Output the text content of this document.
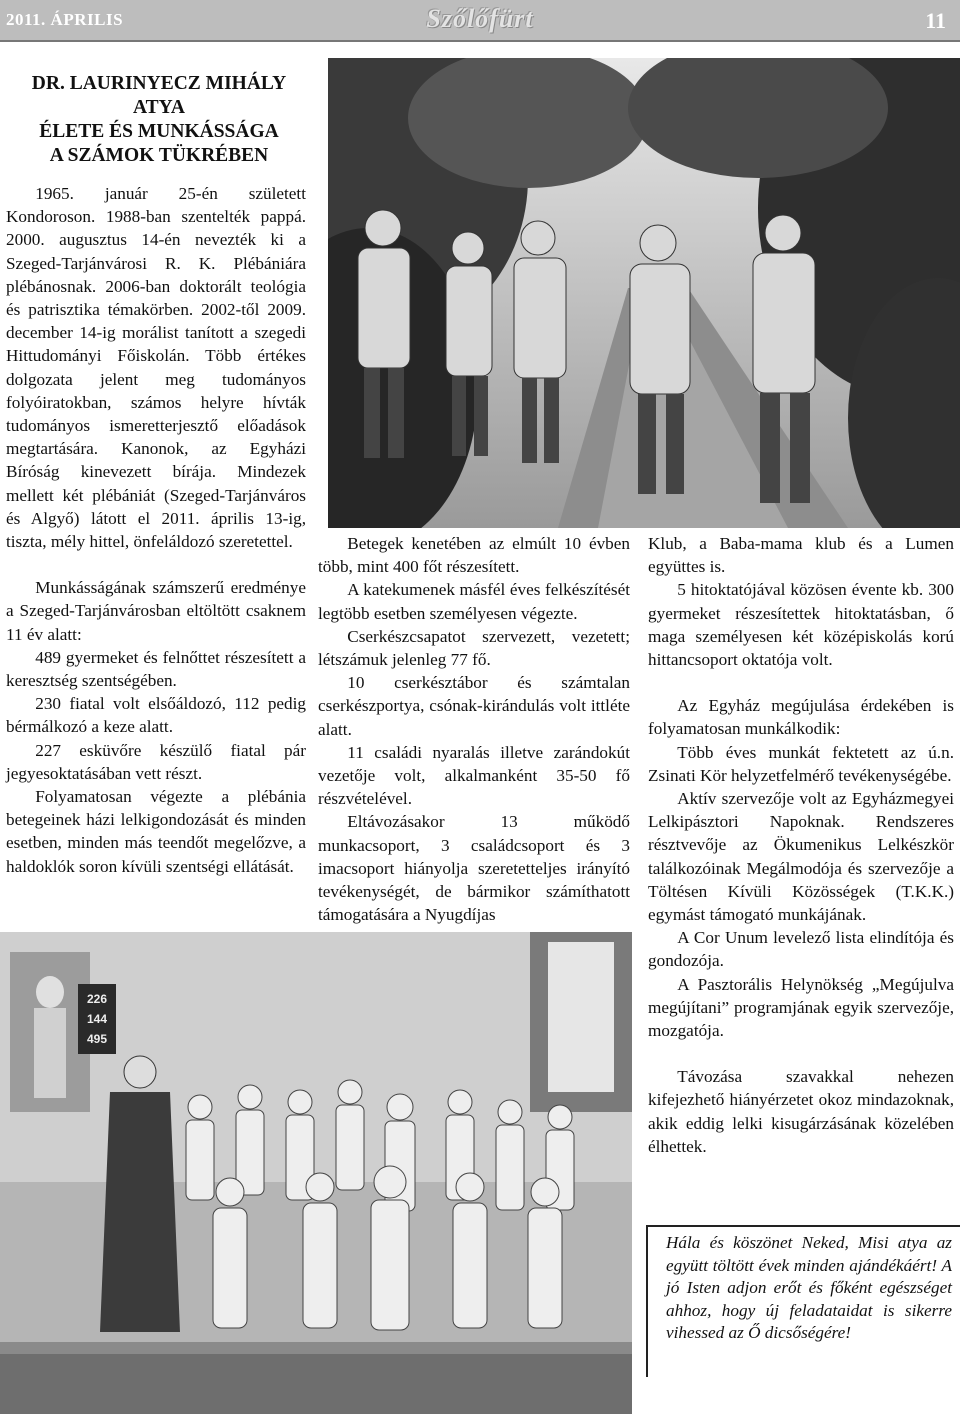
2011. ÁPRILIS	Szőlőfürt	11
DR. LAURINYECZ MIHÁLY
ATYA
ÉLETE ÉS MUNKÁSSÁGA
A SZÁMOK TÜKRÉBEN

1965. január 25-én született Kondoroson. 1988-ban szentelték pappá. 2000. augusztus 14-én nevezték ki a Szeged-Tarjánvárosi R. K. Plébániára plébánosnak. 2006-ban doktorált teológia és patrisztika témakörben. 2002-től 2009. december 14-ig morálist tanított a szegedi Hittudományi Főiskolán. Több értékes dolgozata jelent meg tudományos folyóiratokban, számos helyre hívták tudományos ismeretterjesztő előadások megtartására. Kanonok, az Egyházi Bíróság kinevezett bírája. Mindezek mellett két plébániát (Szeged-Tarjánváros és Algyő) látott el 2011. április 13-ig, tiszta, mély hittel, önfeláldozó szeretettel.

Munkásságának számszerű eredménye a Szeged-Tarjánvárosban eltöltött csaknem 11 év alatt:

489 gyermeket és felnőttet részesített a keresztség szentségében.

230 fiatal volt elsőáldozó, 112 pedig bérmálkozó a keze alatt.

227 esküvőre készülő fiatal pár jegyesoktatásában vett részt.

Folyamatosan végezte a plébánia betegeinek házi lelkigondozását és minden esetben, minden más teendőt megelőzve, a haldoklók soron kívüli szentségi ellátását.

Betegek kenetében az elmúlt 10 évben több, mint 400 főt részesített.

A katekumenek másfél éves felkészítését legtöbb esetben személyesen végezte.

Cserkészcsapatot szervezett, vezetett; létszámuk jelenleg 77 fő.

10 cserkésztábor és számtalan cserkészportya, csónak-kirándulás volt ittléte alatt.

11 családi nyaralás illetve zarándokút vezetője volt, alkalmanként 35-50 fő részvételével.

Eltávozásakor 13 működő munkacsoport, 3 családcsoport és 3 imacsoport hiányolja szeretetteljes irányító tevékenységét, de bármikor számíthatott támogatására a Nyugdíjas

Klub, a Baba-mama klub és a Lumen együttes is.

5 hitoktatójával közösen évente kb. 300 gyermeket részesítettek hitoktatásban, ő maga személyesen két középiskolás korú hittancsoport oktatója volt.

Az Egyház megújulása érdekében is folyamatosan munkálkodik:

Több éves munkát fektetett az ú.n. Zsinati Kör helyzetfelmérő tevékenységébe.

Aktív szervezője volt az Egyházmegyei Lelkipásztori Napoknak. Rendszeres résztvevője az Ökumenikus Lelkészkör találkozóinak Megálmodója és szervezője a Töltésen Kívüli Közösségek (T.K.K.) egymást támogató munkájának.

A Cor Unum levelező lista elindítója és gondozója.

A Pasztorális Helynökség „Megújulva megújítani” programjának egyik szervezője, mozgatója.

Távozása szavakkal nehezen kifejezhető hiányérzetet okoz mindazoknak, akik eddig lelki kisugárzásának közelében élhettek.

226
144
495
Hála és köszönet Neked, Misi atya az együtt töltött évek minden ajándékáért! A jó Isten adjon erőt és főként egészséget ahhoz, hogy új feladataidat is sikerre vihessed az Ő dicsőségére!
